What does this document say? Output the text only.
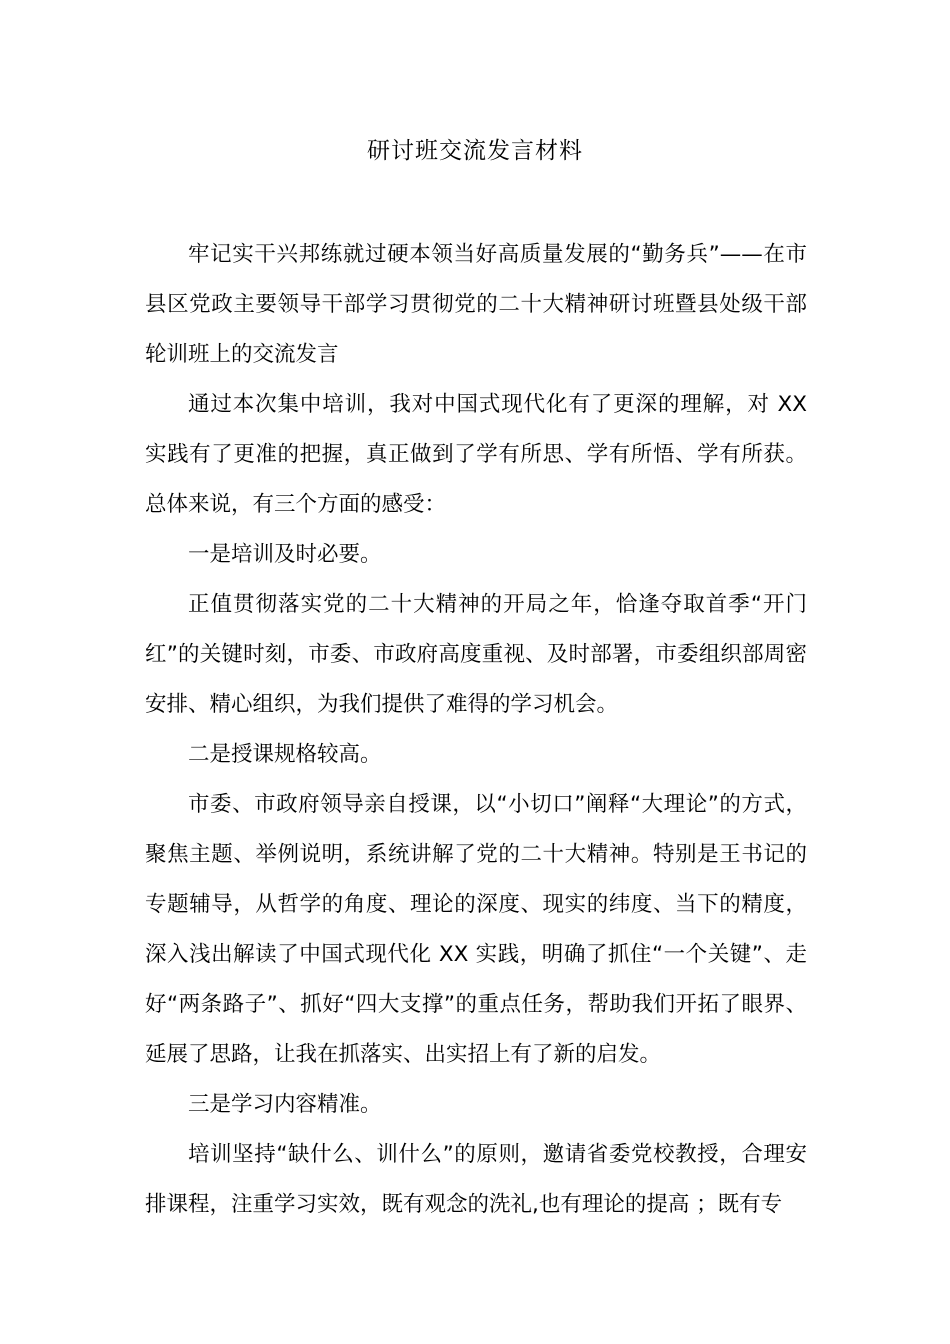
研讨班交流发言材料

牢记实干兴邦练就过硬本领当好高质量发展的“勤务兵”——在市县区党政主要领导干部学习贯彻党的二十大精神研讨班暨县处级干部轮训班上的交流发言

通过本次集中培训，我对中国式现代化有了更深的理解，对 XX 实践有了更准的把握，真正做到了学有所思、学有所悟、学有所获。总体来说，有三个方面的感受：

一是培训及时必要。

正值贯彻落实党的二十大精神的开局之年，恰逢夺取首季“开门红”的关键时刻，市委、市政府高度重视、及时部署，市委组织部周密安排、精心组织，为我们提供了难得的学习机会。

二是授课规格较高。

市委、市政府领导亲自授课，以“小切口”阐释“大理论”的方式，聚焦主题、举例说明，系统讲解了党的二十大精神。特别是王书记的专题辅导，从哲学的角度、理论的深度、现实的纬度、当下的精度，深入浅出解读了中国式现代化 XX 实践，明确了抓住“一个关键”、走好“两条路子”、抓好“四大支撑”的重点任务，帮助我们开拓了眼界、延展了思路，让我在抓落实、出实招上有了新的启发。

三是学习内容精准。

培训坚持“缺什么、训什么”的原则，邀请省委党校教授，合理安排课程，注重学习实效，既有观念的洗礼,也有理论的提高 ；既有专
